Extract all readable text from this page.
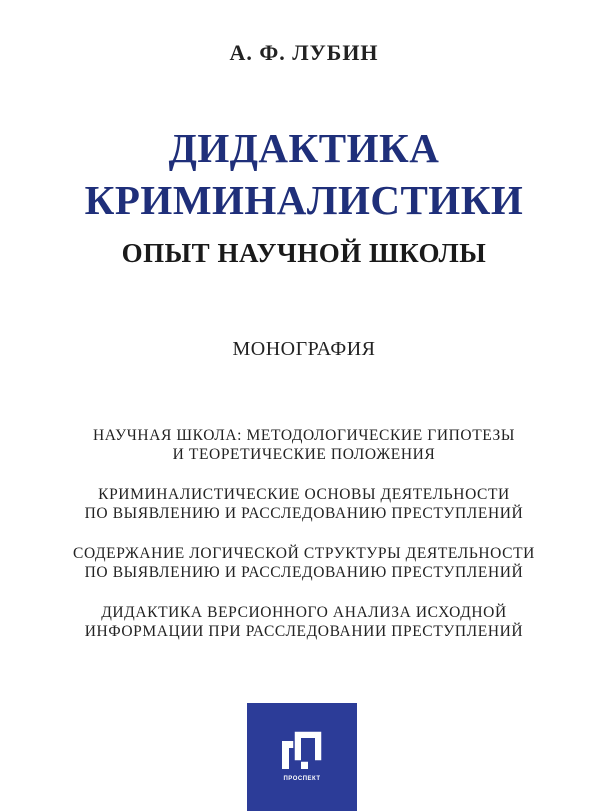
А. Ф. ЛУБИН
ДИДАКТИКА
КРИМИНАЛИСТИКИ
ОПЫТ НАУЧНОЙ ШКОЛЫ
МОНОГРАФИЯ
НАУЧНАЯ ШКОЛА: МЕТОДОЛОГИЧЕСКИЕ ГИПОТЕЗЫ
И ТЕОРЕТИЧЕСКИЕ ПОЛОЖЕНИЯ
КРИМИНАЛИСТИЧЕСКИЕ ОСНОВЫ ДЕЯТЕЛЬНОСТИ
ПО ВЫЯВЛЕНИЮ И РАССЛЕДОВАНИЮ ПРЕСТУПЛЕНИЙ
СОДЕРЖАНИЕ ЛОГИЧЕСКОЙ СТРУКТУРЫ ДЕЯТЕЛЬНОСТИ
ПО ВЫЯВЛЕНИЮ И РАССЛЕДОВАНИЮ ПРЕСТУПЛЕНИЙ
ДИДАКТИКА ВЕРСИОННОГО АНАЛИЗА ИСХОДНОЙ
ИНФОРМАЦИИ ПРИ РАССЛЕДОВАНИИ ПРЕСТУПЛЕНИЙ
ПРОСПЕКТ
